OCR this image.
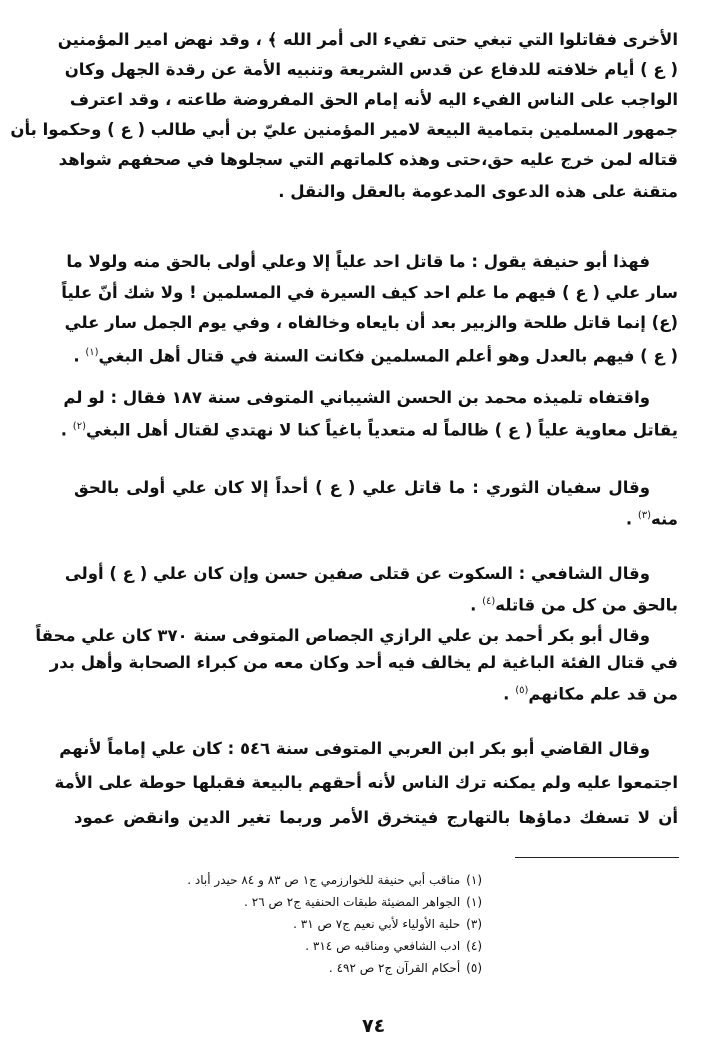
الأخرى فقاتلوا التي تبغي حتى تفيء الى أمر الله ﴾ ، وقد نهض امير المؤمنين
( ع ) أيام خلافته للدفاع عن قدس الشريعة وتنبيه الأمة عن رقدة الجهل وكان
الواجب على الناس الفيء اليه لأنه إمام الحق المفروضة طاعته ، وقد اعترف
جمهور المسلمين بتمامية البيعة لامير المؤمنين عليّ بن أبي طالب ( ع ) وحكموا بأن
قتاله لمن خرج عليه حق،حتى وهذه كلماتهم التي سجلوها في صحفهم شواهد
متقنة على هذه الدعوى المدعومة بالعقل والنقل .
فهذا أبو حنيفة يقول : ما قاتل احد علياً إلا وعلي أولى بالحق منه ولولا ما
سار علي ( ع ) فيهم ما علم احد كيف السيرة في المسلمين ! ولا شك أنّ علياً
(ع) إنما قاتل طلحة والزبير بعد أن بايعاه وخالفاه ، وفي يوم الجمل سار علي
( ع ) فيهم بالعدل وهو أعلم المسلمين فكانت السنة في قتال أهل البغي$^{(١)}$ .
واقتفاه تلميذه محمد بن الحسن الشيباني المتوفى سنة ١٨٧ فقال : لو لم
يقاتل معاوية علياً ( ع ) ظالماً له متعدياً باغياً كنا لا نهتدي لقتال أهل البغي$^{(٢)}$ .
وقال سفيان الثوري : ما قاتل علي ( ع ) أحداً إلا كان علي أولى بالحق
منه$^{(٣)}$ .
وقال الشافعي : السكوت عن قتلى صفين حسن وإن كان علي ( ع ) أولى
بالحق من كل من قاتله$^{(٤)}$ .
وقال أبو بكر أحمد بن علي الرازي الجصاص المتوفى سنة ٣٧٠ كان علي محقاً
في قتال الفئة الباغية لم يخالف فيه أحد وكان معه من كبراء الصحابة وأهل بدر
من قد علم مكانهم$^{(٥)}$ .
وقال القاضي أبو بكر ابن العربي المتوفى سنة ٥٤٦ : كان علي إماماً لأنهم
اجتمعوا عليه ولم يمكنه ترك الناس لأنه أحقهم بالبيعة فقبلها حوطة على الأمة
أن لا تسفك دماؤها بالتهارج فيتخرق الأمر وربما تغير الدين وانقض عمود
(١)مناقب أبي حنيفة للخوارزمي ج١ ص ٨٣ و ٨٤ حيدر أباد .
(١)الجواهر المضيئة طبقات الحنفية ج٢ ص ٢٦ .
(٣)حلية الأولياء لأبي نعيم ج٧ ص ٣١ .
(٤)ادب الشافعي ومناقبه ص ٣١٤ .
(٥)أحكام القرآن ج٢ ص ٤٩٢ .
٧٤
